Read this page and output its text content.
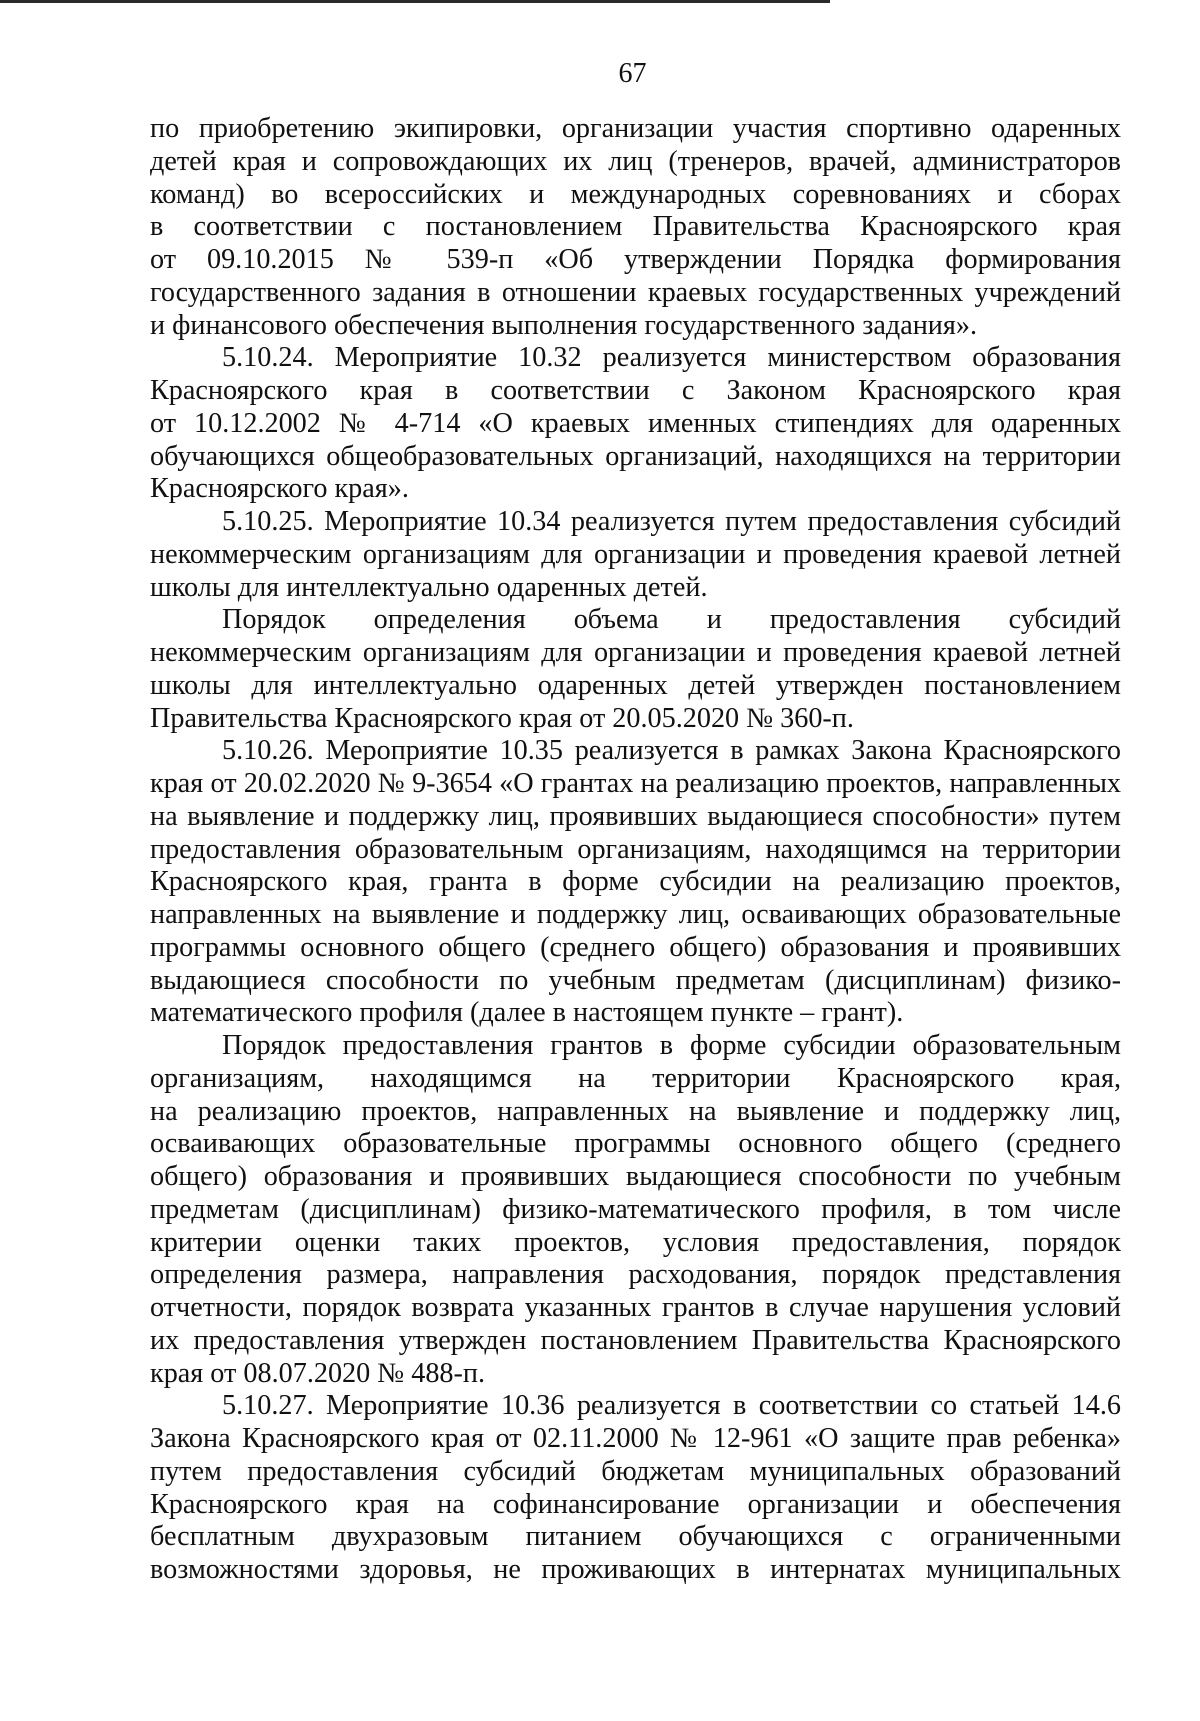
67

по приобретению экипировки, организации участия спортивно одаренных
детей края и сопровождающих их лиц (тренеров, врачей, администраторов
команд) во всероссийских и международных соревнованиях и сборах
в соответствии с постановлением Правительства Красноярского края
от 09.10.2015 № 539-п «Об утверждении Порядка формирования
государственного задания в отношении краевых государственных учреждений
и финансового обеспечения выполнения государственного задания».

5.10.24. Мероприятие 10.32 реализуется министерством образования
Красноярского края в соответствии с Законом Красноярского края
от 10.12.2002 № 4-714 «О краевых именных стипендиях для одаренных
обучающихся общеобразовательных организаций, находящихся на территории
Красноярского края».

5.10.25. Мероприятие 10.34 реализуется путем предоставления субсидий
некоммерческим организациям для организации и проведения краевой летней
школы для интеллектуально одаренных детей.

Порядок определения объема и предоставления субсидий
некоммерческим организациям для организации и проведения краевой летней
школы для интеллектуально одаренных детей утвержден постановлением
Правительства Красноярского края от 20.05.2020 № 360-п.

5.10.26. Мероприятие 10.35 реализуется в рамках Закона Красноярского
края от 20.02.2020 № 9-3654 «О грантах на реализацию проектов, направленных
на выявление и поддержку лиц, проявивших выдающиеся способности» путем
предоставления образовательным организациям, находящимся на территории
Красноярского края, гранта в форме субсидии на реализацию проектов,
направленных на выявление и поддержку лиц, осваивающих образовательные
программы основного общего (среднего общего) образования и проявивших
выдающиеся способности по учебным предметам (дисциплинам) физико-
математического профиля (далее в настоящем пункте – грант).

Порядок предоставления грантов в форме субсидии образовательным
организациям, находящимся на территории Красноярского края,
на реализацию проектов, направленных на выявление и поддержку лиц,
осваивающих образовательные программы основного общего (среднего
общего) образования и проявивших выдающиеся способности по учебным
предметам (дисциплинам) физико-математического профиля, в том числе
критерии оценки таких проектов, условия предоставления, порядок
определения размера, направления расходования, порядок представления
отчетности, порядок возврата указанных грантов в случае нарушения условий
их предоставления утвержден постановлением Правительства Красноярского
края от 08.07.2020 № 488-п.

5.10.27. Мероприятие 10.36 реализуется в соответствии со статьей 14.6
Закона Красноярского края от 02.11.2000 № 12-961 «О защите прав ребенка»
путем предоставления субсидий бюджетам муниципальных образований
Красноярского края на софинансирование организации и обеспечения
бесплатным двухразовым питанием обучающихся с ограниченными
возможностями здоровья, не проживающих в интернатах муниципальных
